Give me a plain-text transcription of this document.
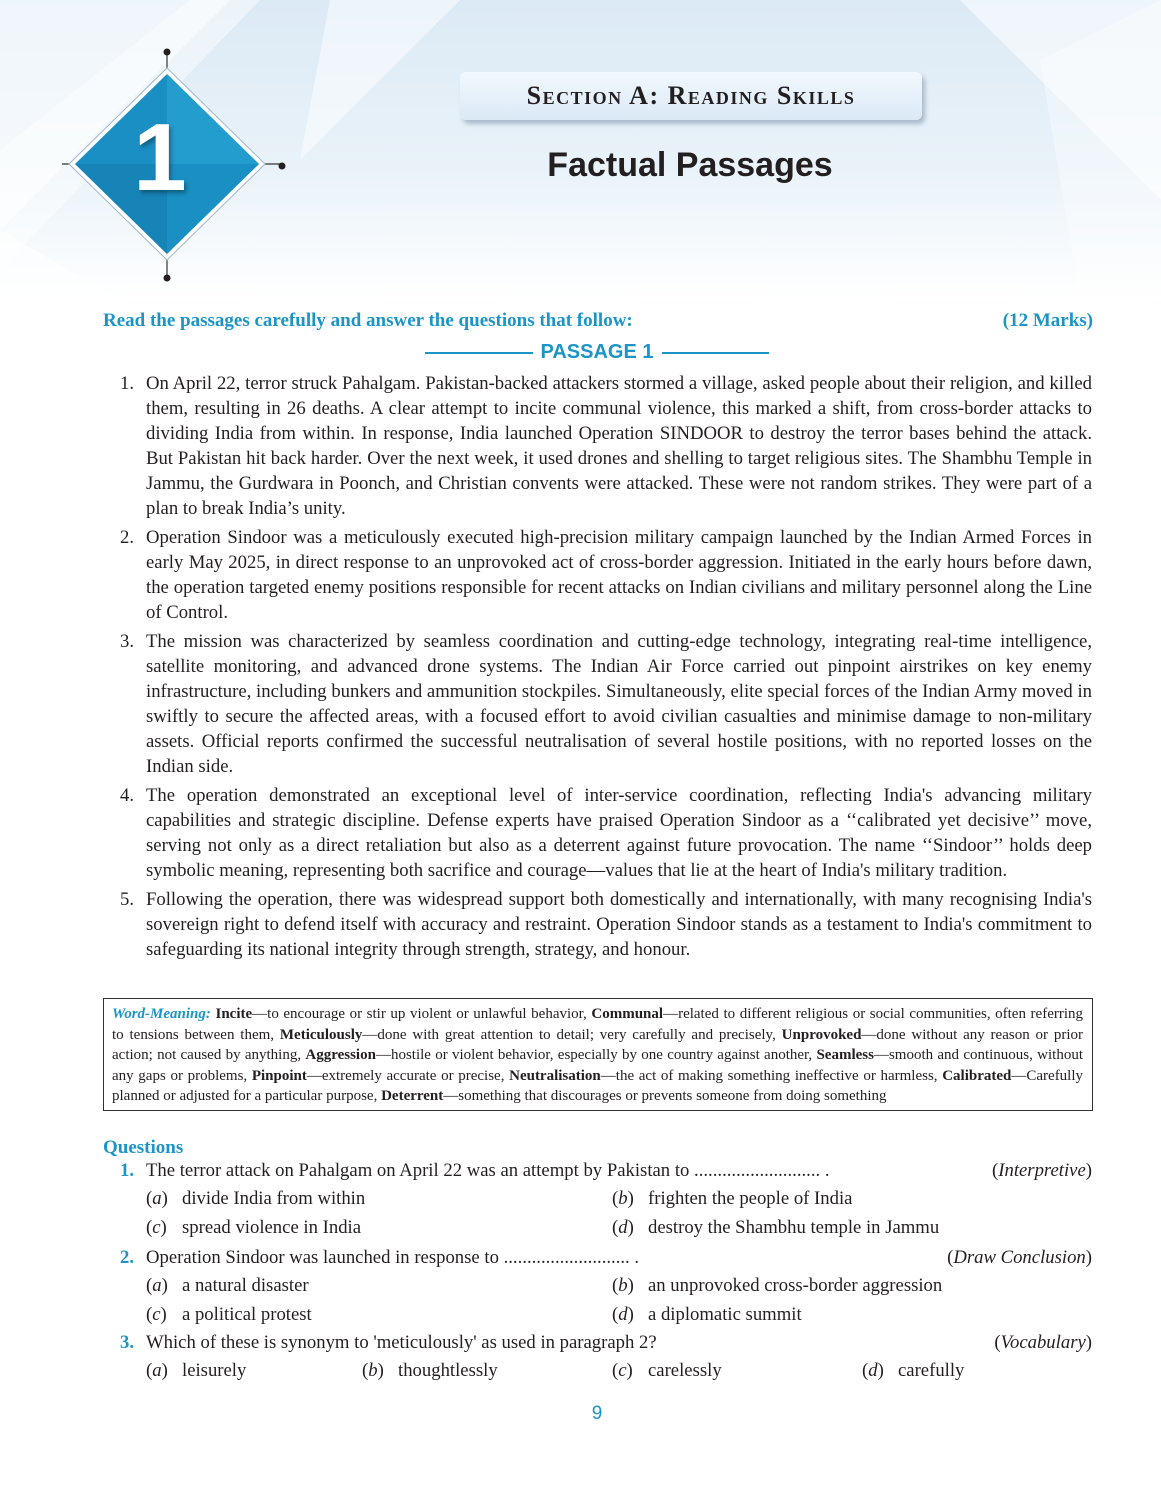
1
Section A: Reading Skills
Factual Passages
Read the passages carefully and answer the questions that follow:	(12 Marks)
PASSAGE 1
1. On April 22, terror struck Pahalgam. Pakistan-backed attackers stormed a village, asked people about their religion, and killed them, resulting in 26 deaths. A clear attempt to incite communal violence, this marked a shift, from cross-border attacks to dividing India from within. In response, India launched Operation SINDOOR to destroy the terror bases behind the attack. But Pakistan hit back harder. Over the next week, it used drones and shelling to target religious sites. The Shambhu Temple in Jammu, the Gurdwara in Poonch, and Christian convents were attacked. These were not random strikes. They were part of a plan to break India’s unity.
2. Operation Sindoor was a meticulously executed high-precision military campaign launched by the Indian Armed Forces in early May 2025, in direct response to an unprovoked act of cross-border aggression. Initiated in the early hours before dawn, the operation targeted enemy positions responsible for recent attacks on Indian civilians and military personnel along the Line of Control.
3. The mission was characterized by seamless coordination and cutting-edge technology, integrating real-time intelligence, satellite monitoring, and advanced drone systems. The Indian Air Force carried out pinpoint airstrikes on key enemy infrastructure, including bunkers and ammunition stockpiles. Simultaneously, elite special forces of the Indian Army moved in swiftly to secure the affected areas, with a focused effort to avoid civilian casualties and minimise damage to non-military assets. Official reports confirmed the successful neutralisation of several hostile positions, with no reported losses on the Indian side.
4. The operation demonstrated an exceptional level of inter-service coordination, reflecting India's advancing military capabilities and strategic discipline. Defense experts have praised Operation Sindoor as a ‘‘calibrated yet decisive’’ move, serving not only as a direct retaliation but also as a deterrent against future provocation. The name ‘‘Sindoor’’ holds deep symbolic meaning, representing both sacrifice and courage—values that lie at the heart of India's military tradition.
5. Following the operation, there was widespread support both domestically and internationally, with many recognising India's sovereign right to defend itself with accuracy and restraint. Operation Sindoor stands as a testament to India's commitment to safeguarding its national integrity through strength, strategy, and honour.
Word-Meaning: Incite—to encourage or stir up violent or unlawful behavior, Communal—related to different religious or social communities, often referring to tensions between them, Meticulously—done with great attention to detail; very carefully and precisely, Unprovoked—done without any reason or prior action; not caused by anything, Aggression—hostile or violent behavior, especially by one country against another, Seamless—smooth and continuous, without any gaps or problems, Pinpoint—extremely accurate or precise, Neutralisation—the act of making something ineffective or harmless, Calibrated—Carefully planned or adjusted for a particular purpose, Deterrent—something that discourages or prevents someone from doing something
Questions
1. The terror attack on Pahalgam on April 22 was an attempt by Pakistan to ........................... .	(Interpretive)
(a) divide India from within	(b) frighten the people of India
(c) spread violence in India	(d) destroy the Shambhu temple in Jammu
2. Operation Sindoor was launched in response to ........................... .	(Draw Conclusion)
(a) a natural disaster	(b) an unprovoked cross-border aggression
(c) a political protest	(d) a diplomatic summit
3. Which of these is synonym to 'meticulously' as used in paragraph 2?	(Vocabulary)
(a) leisurely	(b) thoughtlessly	(c) carelessly	(d) carefully
9
